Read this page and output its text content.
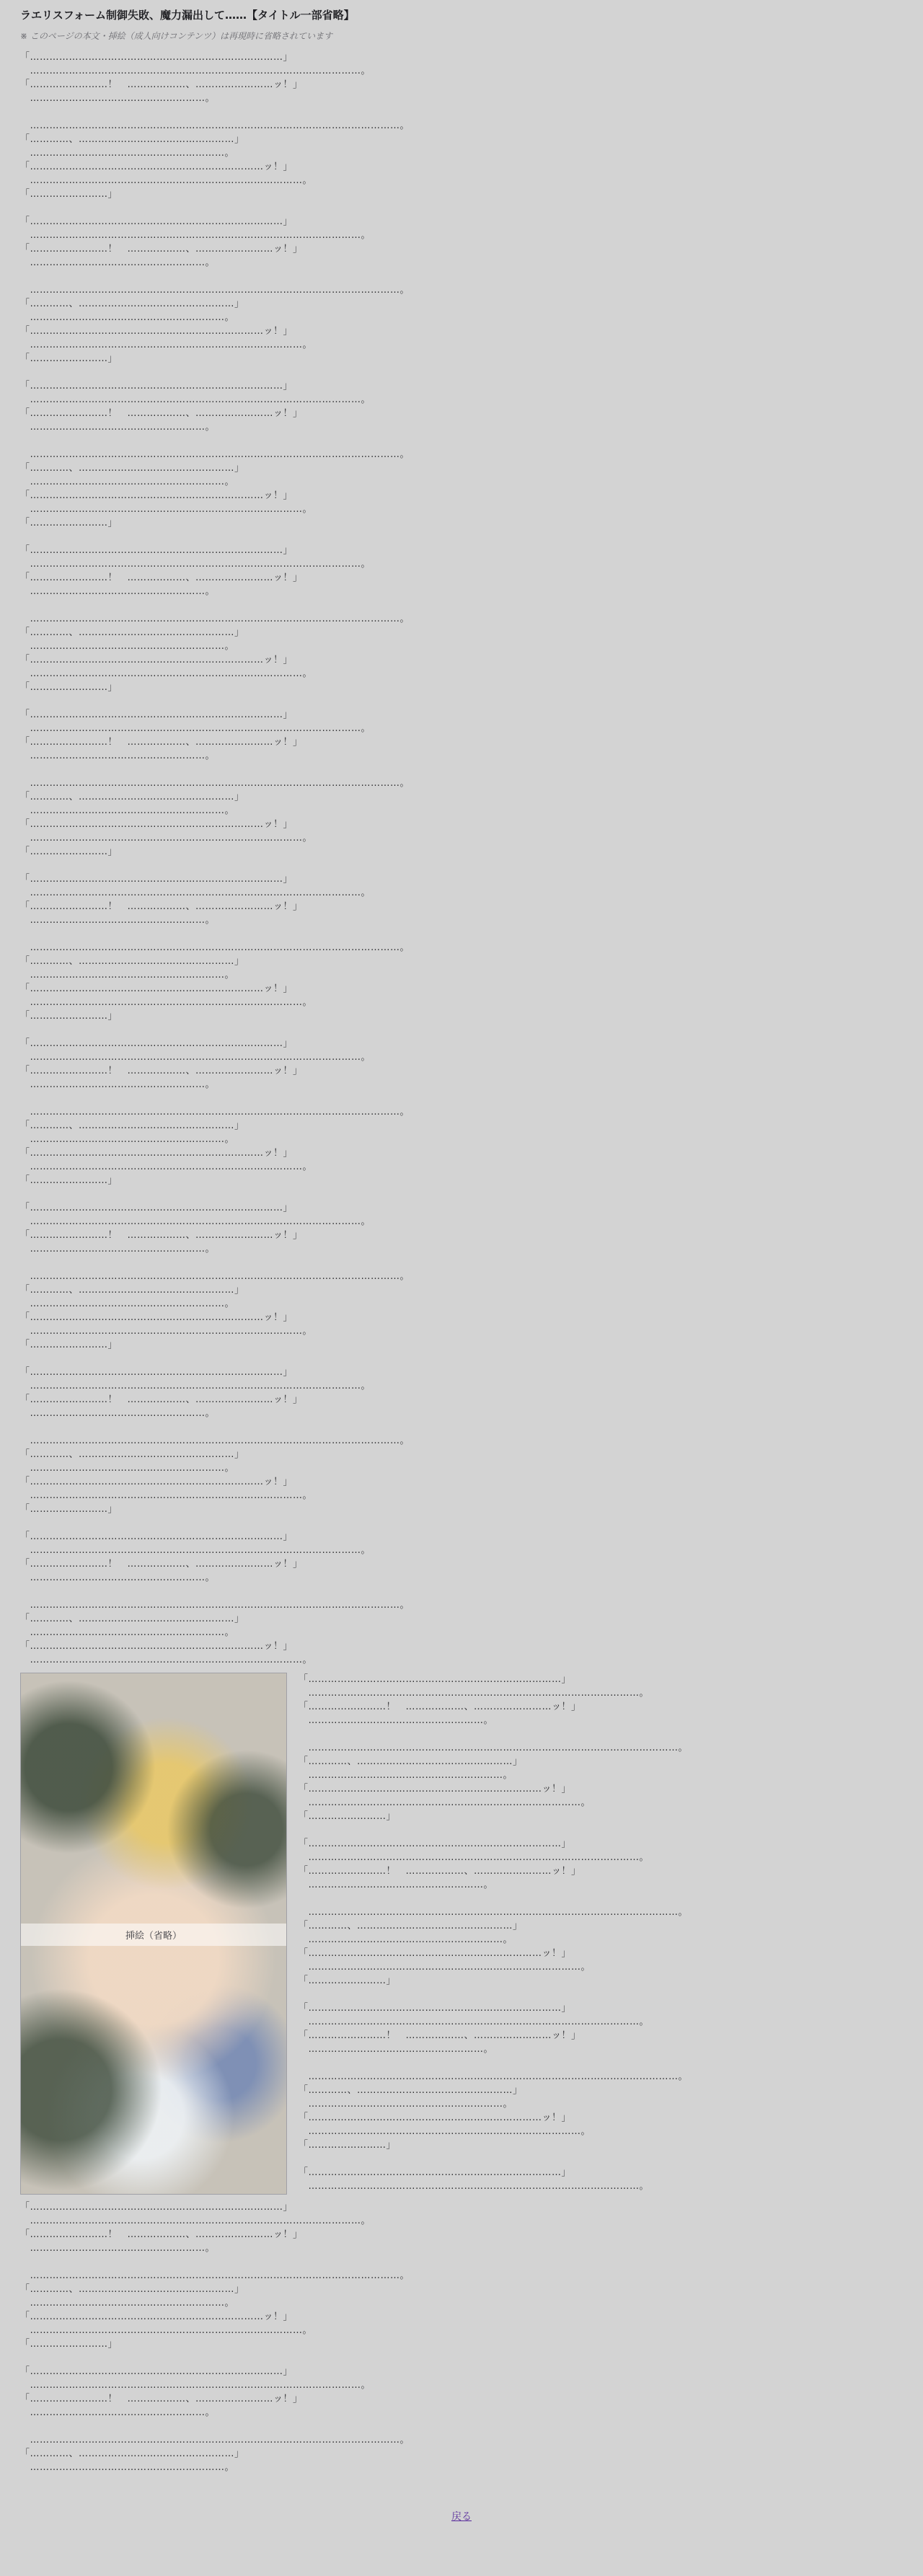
ラエリスフォーム制御失敗、魔力漏出して……【タイトル一部省略】
※ このページの本文・挿絵（成人向けコンテンツ）は再現時に省略されています
「……………………………………………………………………」
　…………………………………………………………………………………………。
「……………………！　………………、……………………ッ！」
　………………………………………………。

　……………………………………………………………………………………………………。
「…………、…………………………………………」
　……………………………………………………。
「………………………………………………………………ッ！」
　…………………………………………………………………………。
「……………………」

「……………………………………………………………………」
　…………………………………………………………………………………………。
「……………………！　………………、……………………ッ！」
　………………………………………………。

　……………………………………………………………………………………………………。
「…………、…………………………………………」
　……………………………………………………。
「………………………………………………………………ッ！」
　…………………………………………………………………………。
「……………………」

「……………………………………………………………………」
　…………………………………………………………………………………………。
「……………………！　………………、……………………ッ！」
　………………………………………………。

　……………………………………………………………………………………………………。
「…………、…………………………………………」
　……………………………………………………。
「………………………………………………………………ッ！」
　…………………………………………………………………………。
「……………………」

「……………………………………………………………………」
　…………………………………………………………………………………………。
「……………………！　………………、……………………ッ！」
　………………………………………………。

　……………………………………………………………………………………………………。
「…………、…………………………………………」
　……………………………………………………。
「………………………………………………………………ッ！」
　…………………………………………………………………………。
「……………………」

「……………………………………………………………………」
　…………………………………………………………………………………………。
「……………………！　………………、……………………ッ！」
　………………………………………………。

　……………………………………………………………………………………………………。
「…………、…………………………………………」
　……………………………………………………。
「………………………………………………………………ッ！」
　…………………………………………………………………………。
「……………………」

「……………………………………………………………………」
　…………………………………………………………………………………………。
「……………………！　………………、……………………ッ！」
　………………………………………………。

　……………………………………………………………………………………………………。
「…………、…………………………………………」
　……………………………………………………。
「………………………………………………………………ッ！」
　…………………………………………………………………………。
「……………………」

「……………………………………………………………………」
　…………………………………………………………………………………………。
「……………………！　………………、……………………ッ！」
　………………………………………………。

　……………………………………………………………………………………………………。
「…………、…………………………………………」
　……………………………………………………。
「………………………………………………………………ッ！」
　…………………………………………………………………………。
「……………………」

「……………………………………………………………………」
　…………………………………………………………………………………………。
「……………………！　………………、……………………ッ！」
　………………………………………………。

　……………………………………………………………………………………………………。
「…………、…………………………………………」
　……………………………………………………。
「………………………………………………………………ッ！」
　…………………………………………………………………………。
「……………………」

「……………………………………………………………………」
　…………………………………………………………………………………………。
「……………………！　………………、……………………ッ！」
　………………………………………………。

　……………………………………………………………………………………………………。
「…………、…………………………………………」
　……………………………………………………。
「………………………………………………………………ッ！」
　…………………………………………………………………………。
「……………………」

「……………………………………………………………………」
　…………………………………………………………………………………………。
「……………………！　………………、……………………ッ！」
　………………………………………………。

　……………………………………………………………………………………………………。
「…………、…………………………………………」
　……………………………………………………。
「………………………………………………………………ッ！」
　…………………………………………………………………………。
挿絵（省略）
「……………………………………………………………………」
　…………………………………………………………………………………………。
「……………………！　………………、……………………ッ！」
　………………………………………………。

　……………………………………………………………………………………………………。
「…………、…………………………………………」
　……………………………………………………。
「………………………………………………………………ッ！」
　…………………………………………………………………………。
「……………………」

「……………………………………………………………………」
　…………………………………………………………………………………………。
「……………………！　………………、……………………ッ！」
　………………………………………………。

　……………………………………………………………………………………………………。
「…………、…………………………………………」
　……………………………………………………。
「………………………………………………………………ッ！」
　…………………………………………………………………………。
「……………………」

「……………………………………………………………………」
　…………………………………………………………………………………………。
「……………………！　………………、……………………ッ！」
　………………………………………………。

　……………………………………………………………………………………………………。
「…………、…………………………………………」
　……………………………………………………。
「………………………………………………………………ッ！」
　…………………………………………………………………………。
「……………………」

「……………………………………………………………………」
　…………………………………………………………………………………………。
「……………………………………………………………………」
　…………………………………………………………………………………………。
「……………………！　………………、……………………ッ！」
　………………………………………………。

　……………………………………………………………………………………………………。
「…………、…………………………………………」
　……………………………………………………。
「………………………………………………………………ッ！」
　…………………………………………………………………………。
「……………………」

「……………………………………………………………………」
　…………………………………………………………………………………………。
「……………………！　………………、……………………ッ！」
　………………………………………………。

　……………………………………………………………………………………………………。
「…………、…………………………………………」
　……………………………………………………。
戻る
